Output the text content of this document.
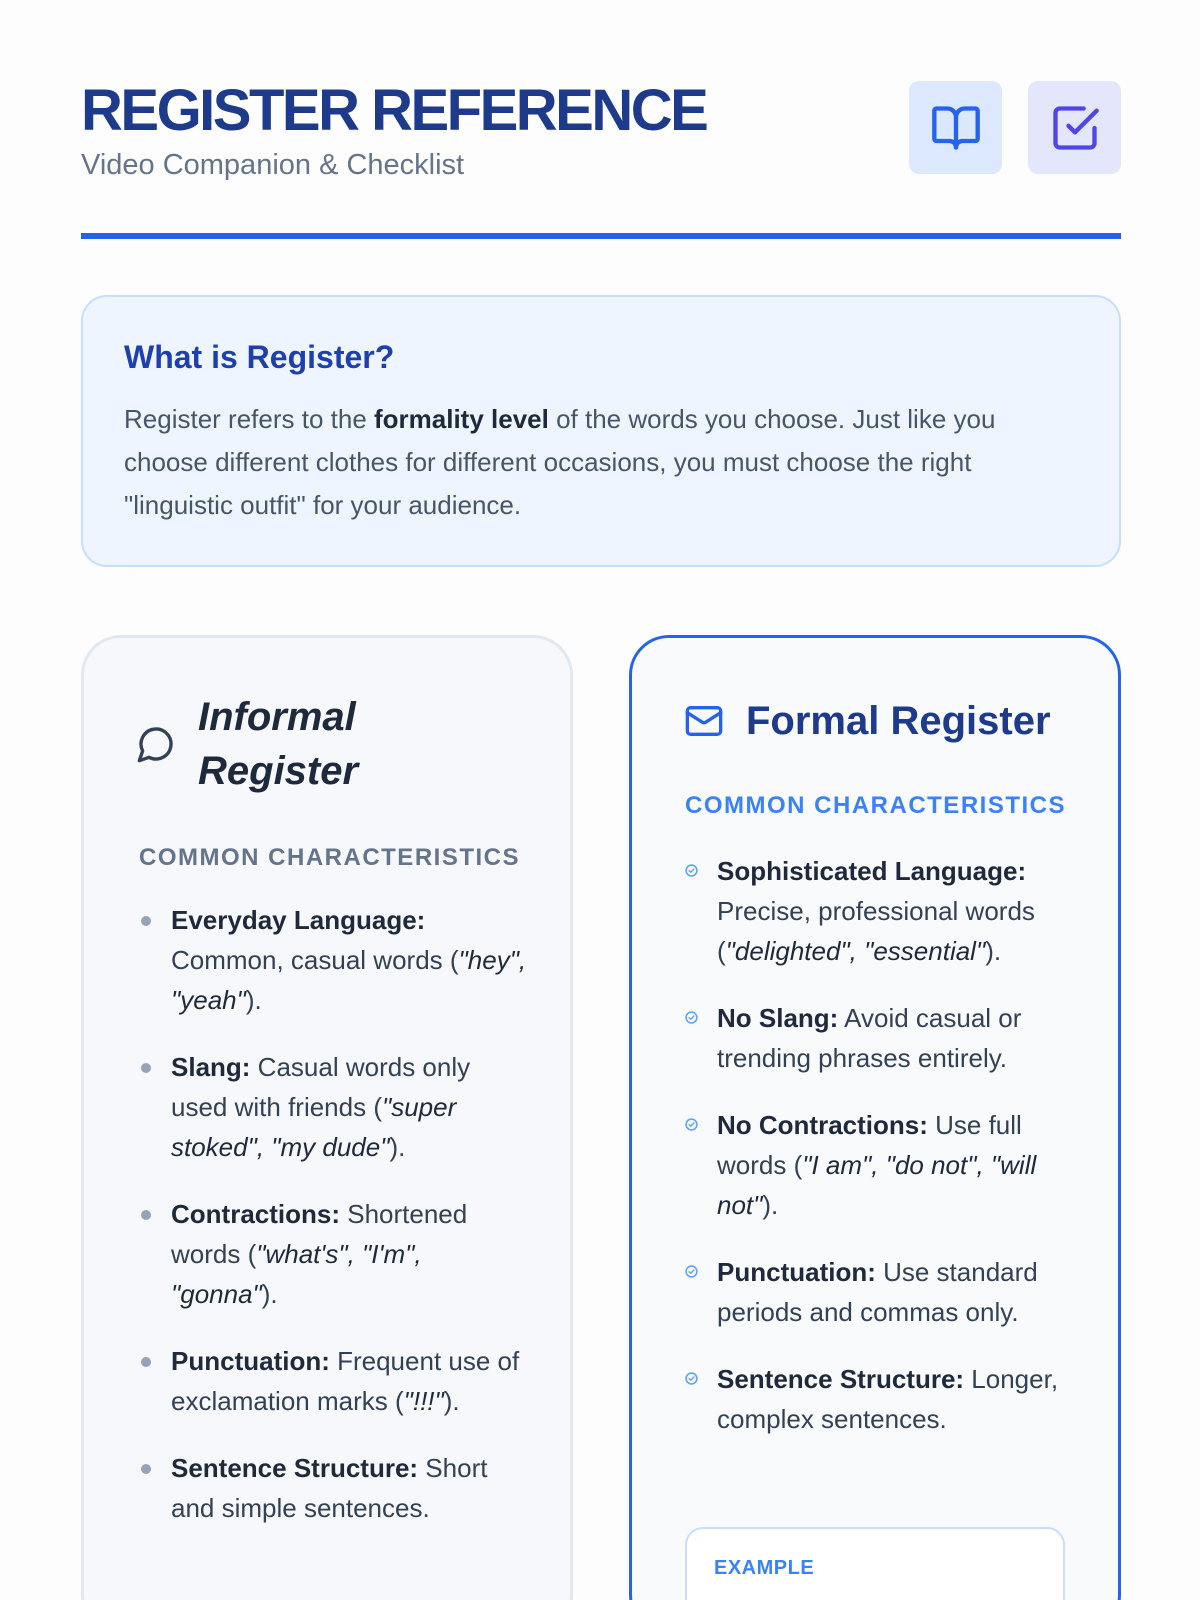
REGISTER REFERENCE
Video Companion & Checklist
What is Register?

Register refers to the formality level of the words you choose. Just like you choose different clothes for different occasions, you must choose the right "linguistic outfit" for your audience.

Informal Register
COMMON CHARACTERISTICS
Everyday Language: Common, casual words ("hey", "yeah").
Slang: Casual words only used with friends ("super stoked", "my dude").
Contractions: Shortened words ("what's", "I'm", "gonna").
Punctuation: Frequent use of exclamation marks ("!!!").
Sentence Structure: Short and simple sentences.
Formal Register
COMMON CHARACTERISTICS
Sophisticated Language: Precise, professional words ("delighted", "essential").
No Slang: Avoid casual or trending phrases entirely.
No Contractions: Use full words ("I am", "do not", "will not").
Punctuation: Use standard periods and commas only.
Sentence Structure: Longer, complex sentences.
EXAMPLE
